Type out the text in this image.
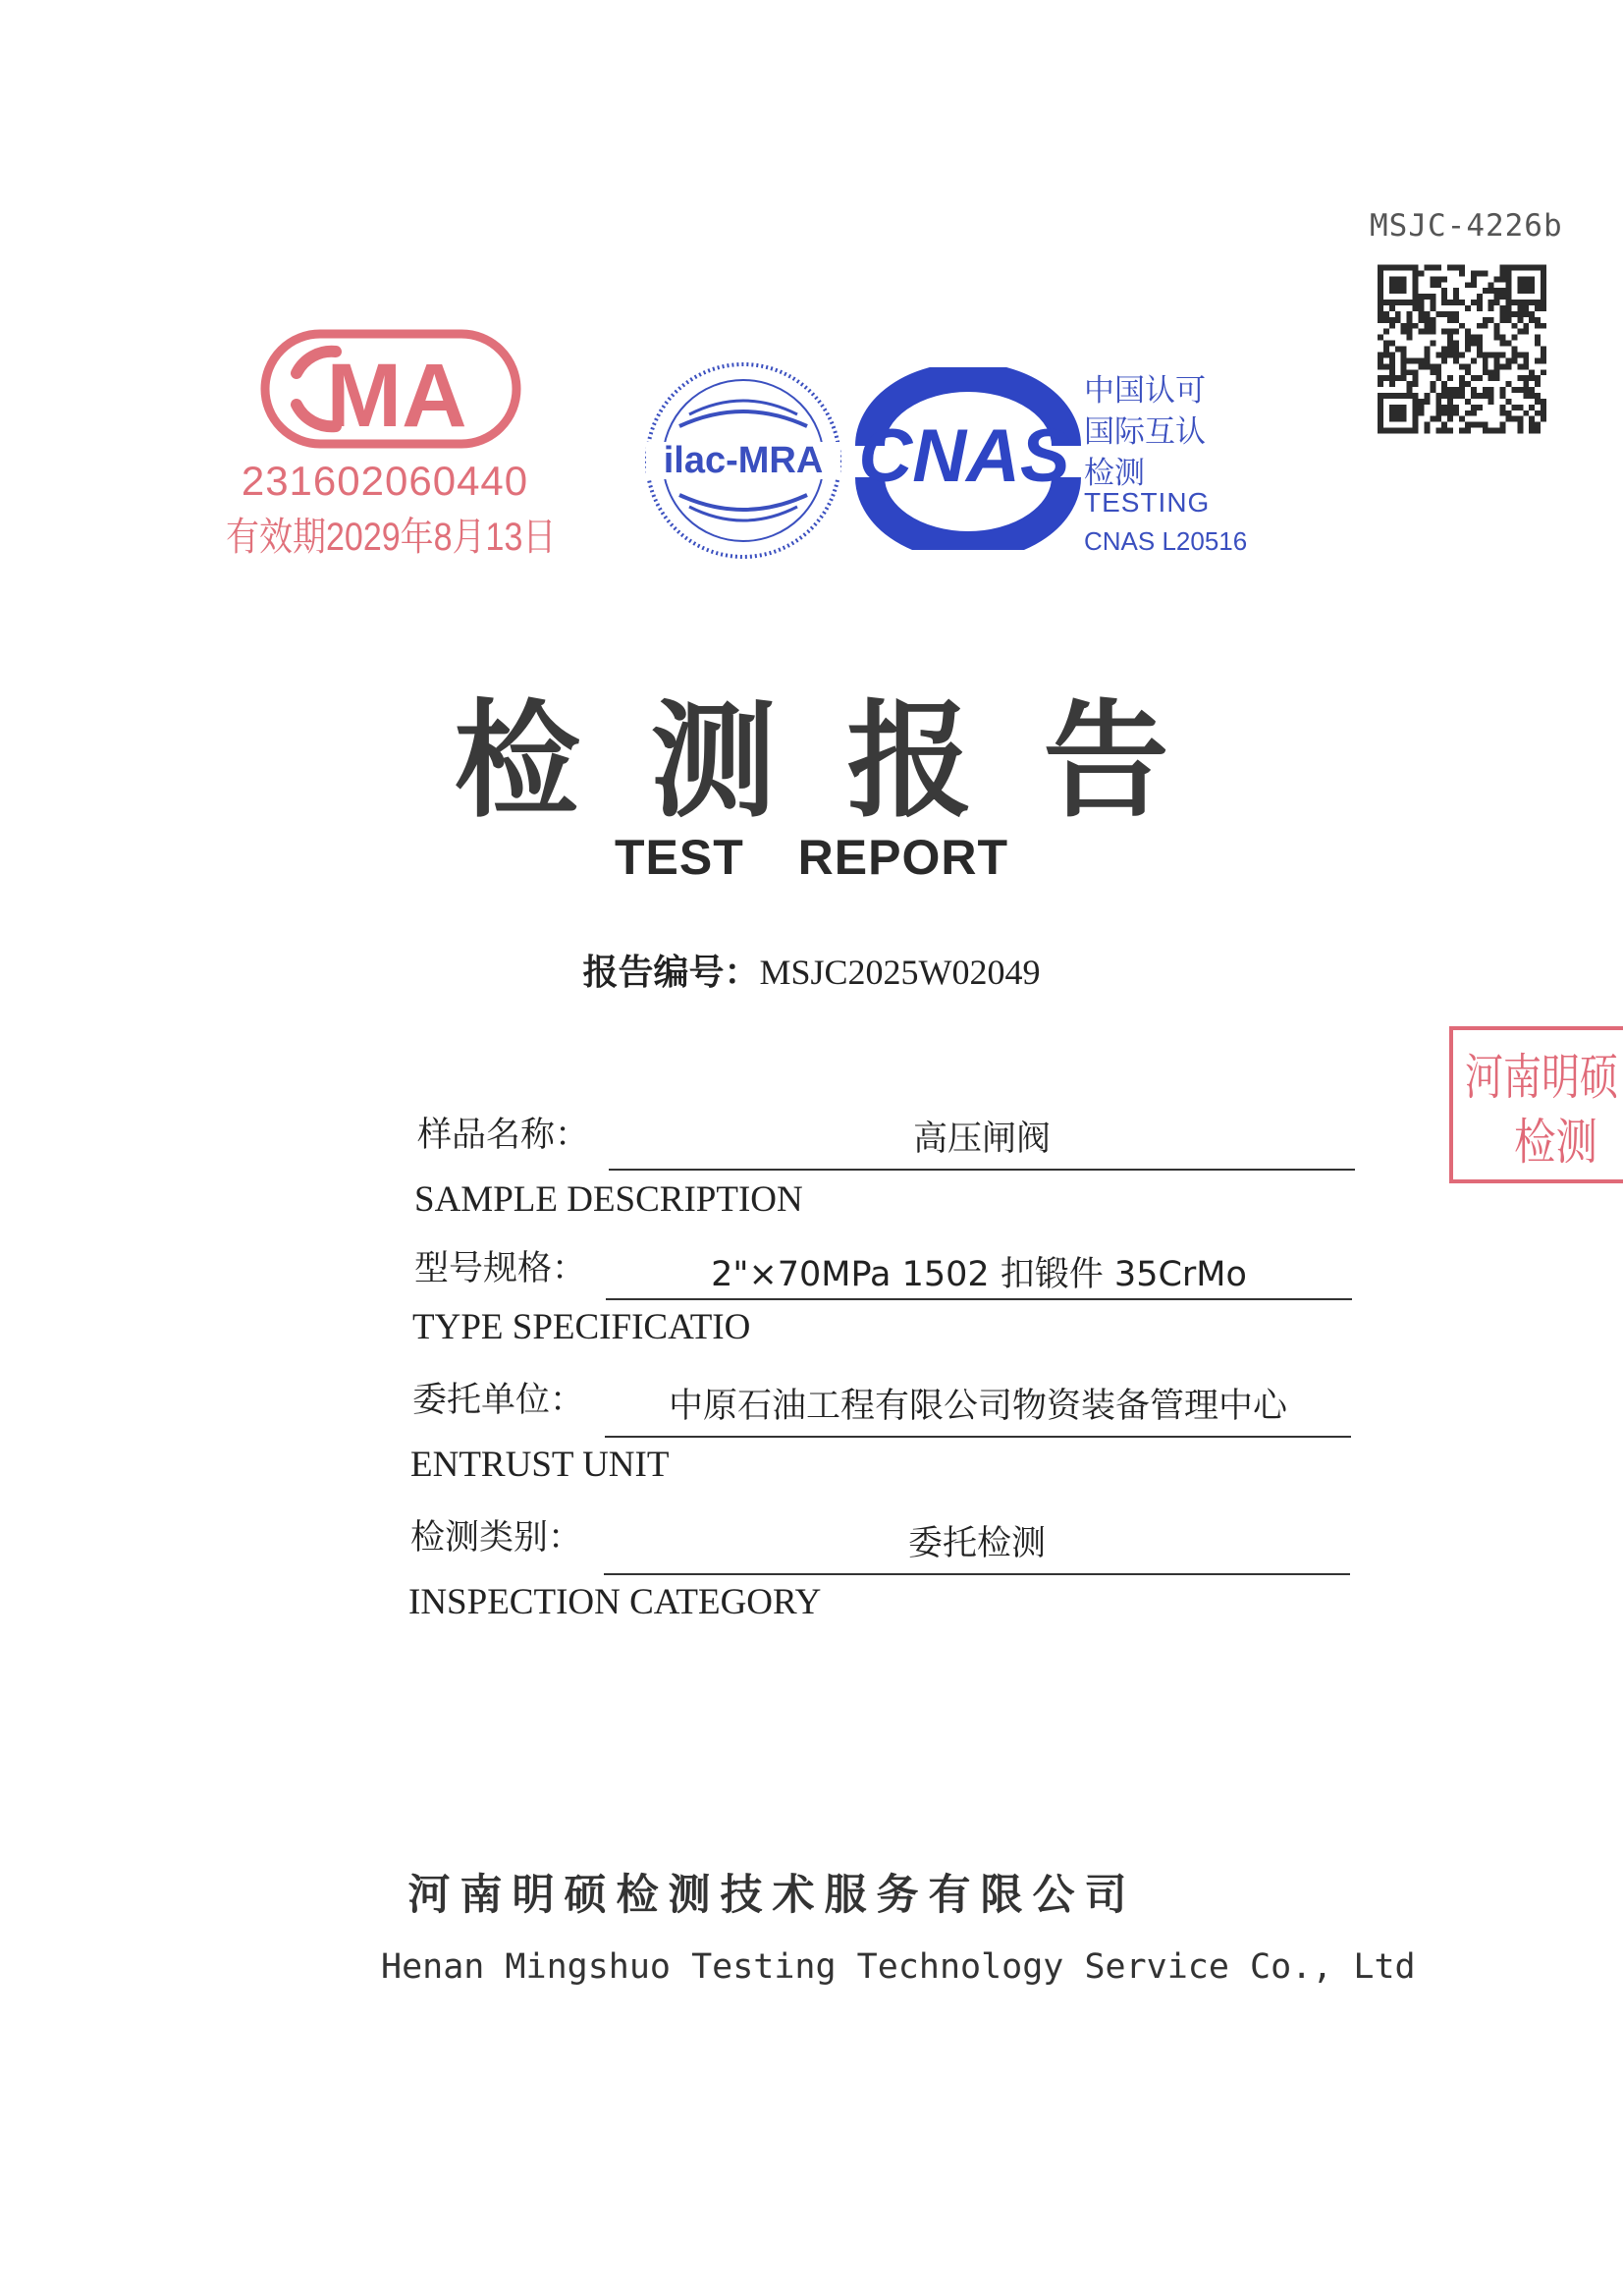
MSJC-4226b
MA
231602060440
有效期2029年8月13日
ilac-MRA CNAS
中国认可
国际互认
检测
TESTING
CNAS L20516
检测报告
TEST REPORT
报告编号：MSJC2025W02049
河南明硕
检测
样品名称：	高压闸阀
SAMPLE DESCRIPTION
型号规格：	2"×70MPa 1502 扣锻件 35CrMo
TYPE SPECIFICATIO
委托单位：	中原石油工程有限公司物资装备管理中心
ENTRUST UNIT
检测类别：	委托检测
INSPECTION CATEGORY
河南明硕检测技术服务有限公司
Henan Mingshuo Testing Technology Service Co., Ltd
